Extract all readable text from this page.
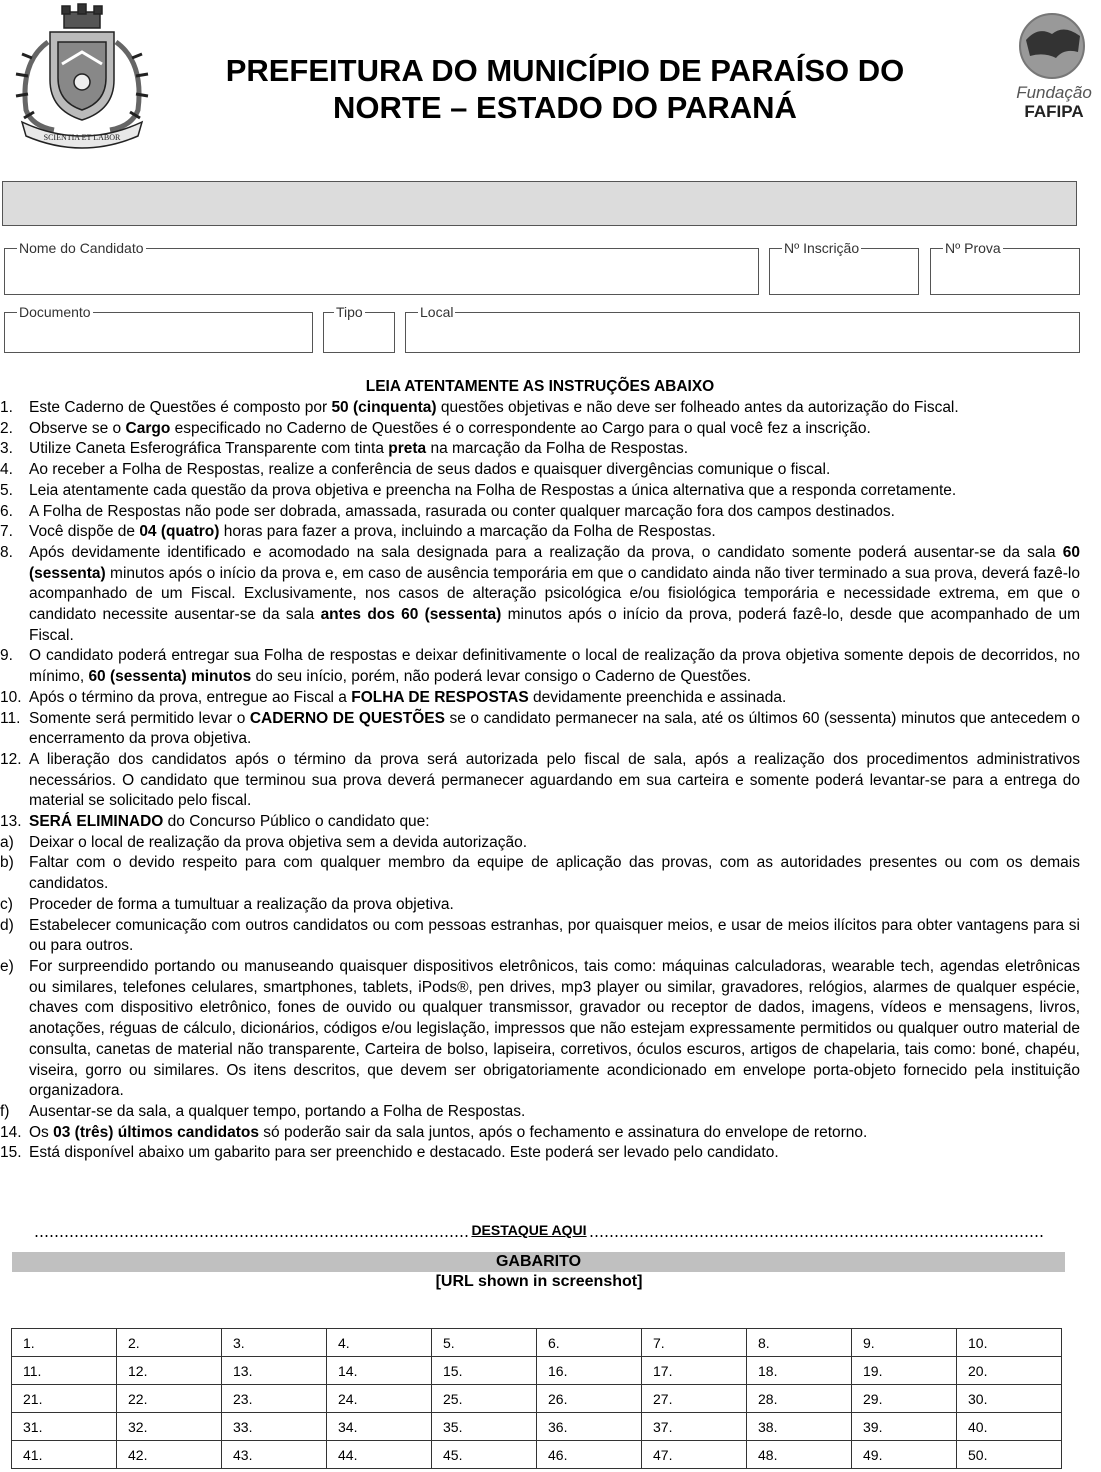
SCIENTIA ET LABOR
PREFEITURA DO MUNICÍPIO DE PARAÍSO DO
NORTE – ESTADO DO PARANÁ	Fundação
FAFIPA
Nome do Candidato	Nº Inscrição	Nº Prova
Documento	Tipo	Local
LEIA ATENTAMENTE AS INSTRUÇÕES ABAIXO
1. Este Caderno de Questões é composto por 50 (cinquenta) questões objetivas e não deve ser folheado antes da autorização do Fiscal.
2. Observe se o Cargo especificado no Caderno de Questões é o correspondente ao Cargo para o qual você fez a inscrição.
3. Utilize Caneta Esferográfica Transparente com tinta preta na marcação da Folha de Respostas.
4. Ao receber a Folha de Respostas, realize a conferência de seus dados e quaisquer divergências comunique o fiscal.
5. Leia atentamente cada questão da prova objetiva e preencha na Folha de Respostas a única alternativa que a responda corretamente.
6. A Folha de Respostas não pode ser dobrada, amassada, rasurada ou conter qualquer marcação fora dos campos destinados.
7. Você dispõe de 04 (quatro) horas para fazer a prova, incluindo a marcação da Folha de Respostas.
8. Após devidamente identificado e acomodado na sala designada para a realização da prova, o candidato somente poderá ausentar-se da sala 60 (sessenta) minutos após o início da prova e, em caso de ausência temporária em que o candidato ainda não tiver terminado a sua prova, deverá fazê-lo acompanhado de um Fiscal. Exclusivamente, nos casos de alteração psicológica e/ou fisiológica temporária e necessidade extrema, em que o candidato necessite ausentar-se da sala antes dos 60 (sessenta) minutos após o início da prova, poderá fazê-lo, desde que acompanhado de um Fiscal.
9. O candidato poderá entregar sua Folha de respostas e deixar definitivamente o local de realização da prova objetiva somente depois de decorridos, no mínimo, 60 (sessenta) minutos do seu início, porém, não poderá levar consigo o Caderno de Questões.
10. Após o término da prova, entregue ao Fiscal a FOLHA DE RESPOSTAS devidamente preenchida e assinada.
11. Somente será permitido levar o CADERNO DE QUESTÕES se o candidato permanecer na sala, até os últimos 60 (sessenta) minutos que antecedem o encerramento da prova objetiva.
12. A liberação dos candidatos após o término da prova será autorizada pelo fiscal de sala, após a realização dos procedimentos administrativos necessários. O candidato que terminou sua prova deverá permanecer aguardando em sua carteira e somente poderá levantar-se para a entrega do material se solicitado pelo fiscal.
13. SERÁ ELIMINADO do Concurso Público o candidato que:
a) Deixar o local de realização da prova objetiva sem a devida autorização.
b) Faltar com o devido respeito para com qualquer membro da equipe de aplicação das provas, com as autoridades presentes ou com os demais candidatos.
c) Proceder de forma a tumultuar a realização da prova objetiva.
d) Estabelecer comunicação com outros candidatos ou com pessoas estranhas, por quaisquer meios, e usar de meios ilícitos para obter vantagens para si ou para outros.
e) For surpreendido portando ou manuseando quaisquer dispositivos eletrônicos, tais como: máquinas calculadoras, wearable tech, agendas eletrônicas ou similares, telefones celulares, smartphones, tablets, iPods®, pen drives, mp3 player ou similar, gravadores, relógios, alarmes de qualquer espécie, chaves com dispositivo eletrônico, fones de ouvido ou qualquer transmissor, gravador ou receptor de dados, imagens, vídeos e mensagens, livros, anotações, réguas de cálculo, dicionários, códigos e/ou legislação, impressos que não estejam expressamente permitidos ou qualquer outro material de consulta, canetas de material não transparente, Carteira de bolso, lapiseira, corretivos, óculos escuros, artigos de chapelaria, tais como: boné, chapéu, viseira, gorro ou similares. Os itens descritos, que devem ser obrigatoriamente acondicionado em envelope porta-objeto fornecido pela instituição organizadora.
f) Ausentar-se da sala, a qualquer tempo, portando a Folha de Respostas.
14. Os 03 (três) últimos candidatos só poderão sair da sala juntos, após o fechamento e assinatura do envelope de retorno.
15. Está disponível abaixo um gabarito para ser preenchido e destacado. Este poderá ser levado pelo candidato.
DESTAQUE AQUI
GABARITO
[URL shown in screenshot]
1.	2.	3.	4.	5.	6.	7.	8.	9.	10.
11.	12.	13.	14.	15.	16.	17.	18.	19.	20.
21.	22.	23.	24.	25.	26.	27.	28.	29.	30.
31.	32.	33.	34.	35.	36.	37.	38.	39.	40.
41.	42.	43.	44.	45.	46.	47.	48.	49.	50.
